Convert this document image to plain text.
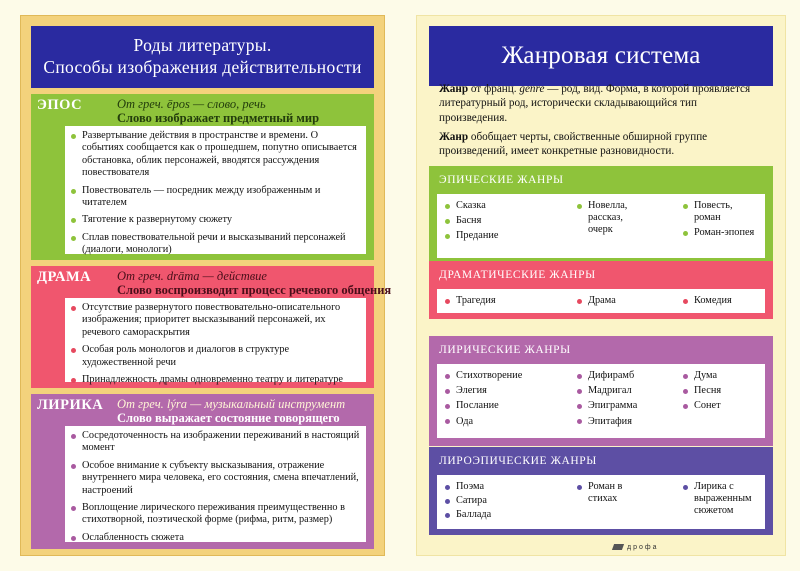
Роды литературы.
Способы изображения действительности
ЭПОС	От греч. ēpos — слово, речь
Слово изображает предметный мир
Развертывание действия в пространстве и времени. О событиях сообщается как о прошедшем, попутно описывается обстановка, облик персонажей, вводятся рассуждения повествователя
Повествователь — посредник между изображенным и читателем
Тяготение к развернутому сюжету
Сплав повествовательной речи и высказываний персонажей (диалоги, монологи)
ДРАМА От греч. drāma — действие
Слово воспроизводит процесс речевого общения
Отсутствие развернутого повествовательно-описательного изображения; приоритет высказываний персонажей, их речевого самораскрытия
Особая роль монологов и диалогов в структуре художественной речи
Принадлежность драмы одновременно театру и литературе
ЛИРИКА От греч. lýra — музыкальный инструмент
Слово выражает состояние говорящего
Сосредоточенность на изображении переживаний в настоящий момент
Особое внимание к субъекту высказывания, отражение внутреннего мира человека, его состояния, смена впечатлений, настроений
Воплощение лирического переживания преимущественно в стихотворной, поэтической форме (рифма, ритм, размер)
Ослабленность сюжета
Жанровая система
Жанр от франц. genre — род, вид. Форма, в которой проявляется литературный род, исторически складывающийся тип произведения.
Жанр обобщает черты, свойственные обширной группе произведений, имеет конкретные разновидности.
ЭПИЧЕСКИЕ ЖАНРЫ
Сказка
Басня
Предание
Новелла, рассказ, очерк
Повесть, роман
Роман-эпопея
ДРАМАТИЧЕСКИЕ ЖАНРЫ
Трагедия	Драма	Комедия
ЛИРИЧЕСКИЕ ЖАНРЫ
Стихотворение
Элегия
Послание
Ода
Дифирамб
Мадригал
Эпиграмма
Эпитафия
Дума
Песня
Сонет
ЛИРОЭПИЧЕСКИЕ ЖАНРЫ
Поэма
Сатира
Баллада
Роман в стихах
Лирика с выраженным сюжетом
дрофа
